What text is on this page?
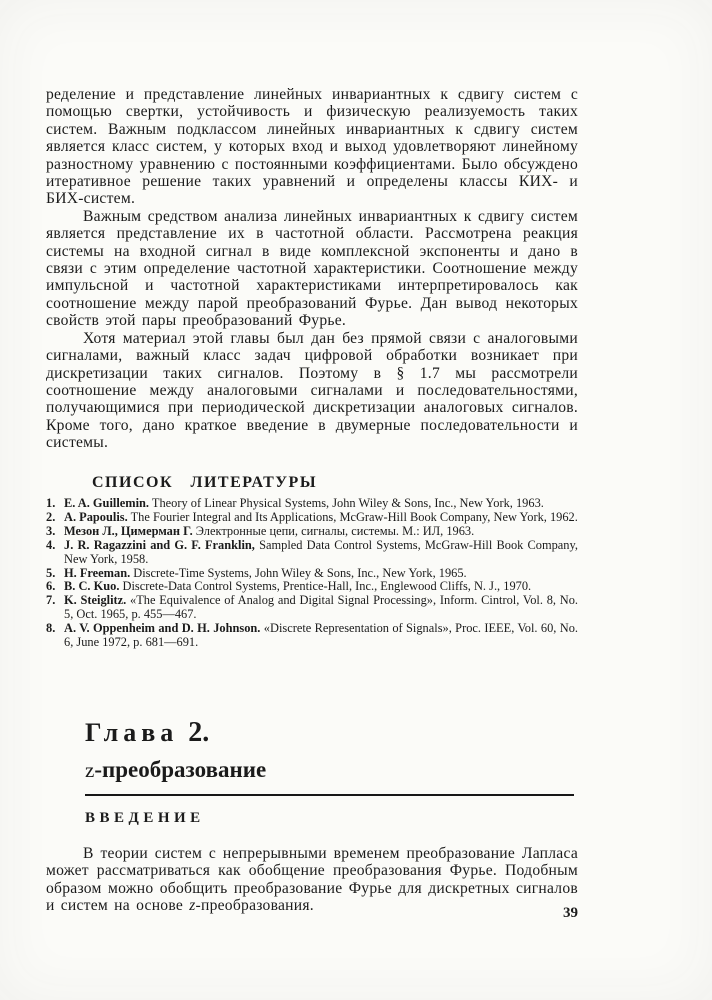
ределение и представление линейных инвариантных к сдвигу систем с помощью свертки, устойчивость и физическую реализуемость таких систем. Важным подклассом линейных инвариантных к сдвигу систем является класс систем, у которых вход и выход удовлетворяют линейному разностному уравнению с постоянными коэффициентами. Было обсуждено итеративное решение таких уравнений и определены классы КИХ- и БИХ-систем.

Важным средством анализа линейных инвариантных к сдвигу систем является представление их в частотной области. Рассмотрена реакция системы на входной сигнал в виде комплексной экспоненты и дано в связи с этим определение частотной характеристики. Соотношение между импульсной и частотной характеристиками интерпретировалось как соотношение между парой преобразований Фурье. Дан вывод некоторых свойств этой пары преобразований Фурье.

Хотя материал этой главы был дан без прямой связи с аналоговыми сигналами, важный класс задач цифровой обработки возникает при дискретизации таких сигналов. Поэтому в § 1.7 мы рассмотрели соотношение между аналоговыми сигналами и последовательностями, получающимися при периодической дискретизации аналоговых сигналов. Кроме того, дано краткое введение в двумерные последовательности и системы.

СПИСОК ЛИТЕРАТУРЫ

1. E. A. Guillemin. Theory of Linear Physical Systems, John Wiley & Sons, Inc., New York, 1963.

2. A. Papoulis. The Fourier Integral and Its Applications, McGraw-Hill Book Company, New York, 1962.

3. Мезон Л., Цимерман Г. Электронные цепи, сигналы, системы. М.: ИЛ, 1963.

4. J. R. Ragazzini and G. F. Franklin, Sampled Data Control Systems, McGraw-Hill Book Company, New York, 1958.

5. H. Freeman. Discrete-Time Systems, John Wiley & Sons, Inc., New York, 1965.

6. B. C. Kuo. Discrete-Data Control Systems, Prentice-Hall, Inc., Englewood Cliffs, N. J., 1970.

7. K. Steiglitz. «The Equivalence of Analog and Digital Signal Processing», Inform. Cintrol, Vol. 8, No. 5, Oct. 1965, p. 455—467.

8. A. V. Oppenheim and D. H. Johnson. «Discrete Representation of Signals», Proc. IEEE, Vol. 60, No. 6, June 1972, p. 681—691.

Глава 2.
z-преобразование
ВВЕДЕНИЕ

В теории систем с непрерывными временем преобразование Лапласа может рассматриваться как обобщение преобразования Фурье. Подобным образом можно обобщить преобразование Фурье для дискретных сигналов и систем на основе z-преобразования.	39
